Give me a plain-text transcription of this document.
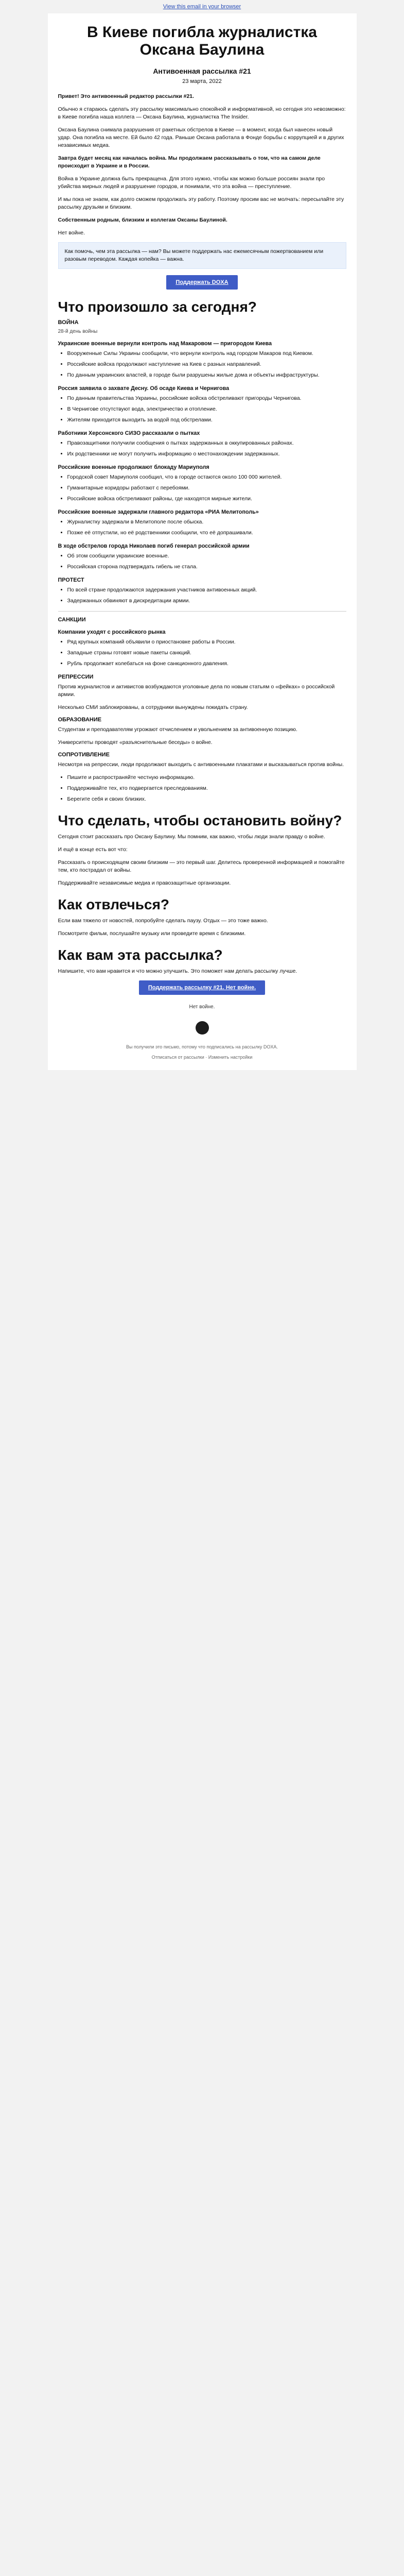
View this email in your browser
В Киеве погибла журналистка Оксана Баулина
Антивоенная рассылка #21
23 марта, 2022

Привет! Это антивоенный редактор рассылки #21.

Обычно я стараюсь сделать эту рассылку максимально спокойной и информативной, но сегодня это невозможно: в Киеве погибла наша коллега — Оксана Баулина, журналистка The Insider.

Оксана Баулина снимала разрушения от ракетных обстрелов в Киеве — в момент, когда был нанесен новый удар. Она погибла на месте. Ей было 42 года. Раньше Оксана работала в Фонде борьбы с коррупцией и в других независимых медиа.

Завтра будет месяц как началась война. Мы продолжаем рассказывать о том, что на самом деле происходит в Украине и в России.

Война в Украине должна быть прекращена. Для этого нужно, чтобы как можно больше россиян знали про убийства мирных людей и разрушение городов, и понимали, что эта война — преступление.

И мы пока не знаем, как долго сможем продолжать эту работу. Поэтому просим вас не молчать: пересылайте эту рассылку друзьям и близким.

Собственным родным, близким и коллегам Оксаны Баулиной.

Нет войне.

Как помочь, чем эта рассылка — нам? Вы можете поддержать нас ежемесячным пожертвованием или разовым переводом. Каждая копейка — важна.

Поддержать DOXA
Что произошло за сегодня?
ВОЙНА
28-й день войны
Украинские военные вернули контроль над Макаровом — пригородом Киева
• Вооруженные Силы Украины сообщили, что вернули контроль над городом Макаров под Киевом.
• Российские войска продолжают наступление на Киев с разных направлений.
• По данным украинских властей, в городе были разрушены жилые дома и объекты инфраструктуры.
Россия заявила о захвате Десну. Об осаде Киева и Чернигова
• По данным правительства Украины, российские войска обстреливают пригороды Чернигова.
• В Чернигове отсутствуют вода, электричество и отопление.
• Жителям приходится выходить за водой под обстрелами.
Работники Херсонского СИЗО рассказали о пытках
• Правозащитники получили сообщения о пытках задержанных в оккупированных районах.
• Их родственники не могут получить информацию о местонахождении задержанных.
Российские военные продолжают блокаду Мариуполя
• Городской совет Мариуполя сообщил, что в городе остаются около 100 000 жителей.
• Гуманитарные коридоры работают с перебоями.
• Российские войска обстреливают районы, где находятся мирные жители.
Российские военные задержали главного редактора «РИА Мелитополь»
• Журналистку задержали в Мелитополе после обыска.
• Позже её отпустили, но её родственники сообщили, что её допрашивали.
В ходе обстрелов города Николаев погиб генерал российской армии
• Об этом сообщили украинские военные.
• Российская сторона подтверждать гибель не стала.
ПРОТЕСТ
• По всей стране продолжаются задержания участников антивоенных акций.
• Задержанных обвиняют в дискредитации армии.
САНКЦИИ
Компании уходят с российского рынка
• Ряд крупных компаний объявили о приостановке работы в России.
• Западные страны готовят новые пакеты санкций.
• Рубль продолжает колебаться на фоне санкционного давления.
РЕПРЕССИИ

Против журналистов и активистов возбуждаются уголовные дела по новым статьям о «фейках» о российской армии.

Несколько СМИ заблокированы, а сотрудники вынуждены покидать страну.

ОБРАЗОВАНИЕ

Студентам и преподавателям угрожают отчислением и увольнением за антивоенную позицию.

Университеты проводят «разъяснительные беседы» о войне.

СОПРОТИВЛЕНИЕ

Несмотря на репрессии, люди продолжают выходить с антивоенными плакатами и высказываться против войны.

• Пишите и распространяйте честную информацию.
• Поддерживайте тех, кто подвергается преследованиям.
• Берегите себя и своих близких.
Что сделать, чтобы остановить войну?

Сегодня стоит рассказать про Оксану Баулину. Мы помним, как важно, чтобы люди знали правду о войне.

И ещё в конце есть вот что:

Рассказать о происходящем своим близким — это первый шаг. Делитесь проверенной информацией и помогайте тем, кто пострадал от войны.

Поддерживайте независимые медиа и правозащитные организации.

Как отвлечься?

Если вам тяжело от новостей, попробуйте сделать паузу. Отдых — это тоже важно.

Посмотрите фильм, послушайте музыку или проведите время с близкими.

Как вам эта рассылка?

Напишите, что вам нравится и что можно улучшить. Это поможет нам делать рассылку лучше.

Поддержать рассылку #21. Нет войне.
Нет войне.
Вы получили это письмо, потому что подписались на рассылку DOXA.
Отписаться от рассылки · Изменить настройки
